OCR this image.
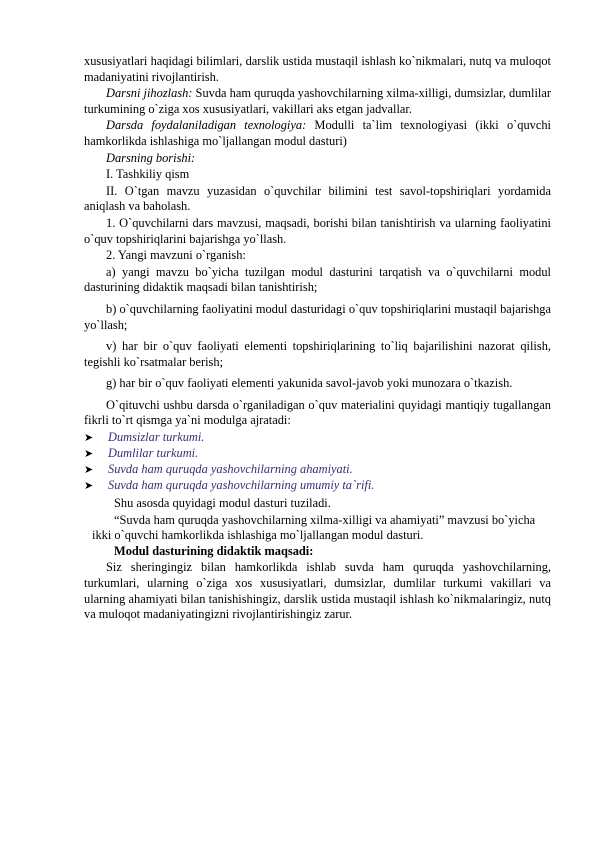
xususiyatlari haqidagi bilimlari, darslik ustida mustaqil ishlash ko`nikmalari, nutq va muloqot madaniyatini rivojlantirish.

Darsni jihozlash: Suvda ham quruqda yashovchilarning xilma-xilligi, dumsizlar, dumlilar turkumining o`ziga xos xususiyatlari, vakillari aks etgan jadvallar.

Darsda foydalaniladigan texnologiya: Modulli ta`lim texnologiyasi (ikki o`quvchi hamkorlikda ishlashiga mo`ljallangan modul dasturi)

Darsning borishi:

I. Tashkiliy qism

II. O`tgan mavzu yuzasidan o`quvchilar bilimini test savol-topshiriqlari yordamida aniqlash va baholash.

1. O`quvchilarni dars mavzusi, maqsadi, borishi bilan tanishtirish va ularning faoliyatini o`quv topshiriqlarini bajarishga yo`llash.

2. Yangi mavzuni o`rganish:

a) yangi mavzu bo`yicha tuzilgan modul dasturini tarqatish va o`quvchilarni modul dasturining didaktik maqsadi bilan tanishtirish;

b) o`quvchilarning faoliyatini modul dasturidagi o`quv topshiriqlarini mustaqil bajarishga yo`llash;

v) har bir o`quv faoliyati elementi topshiriqlarining to`liq bajarilishini nazorat qilish, tegishli ko`rsatmalar berish;

g) har bir o`quv faoliyati elementi yakunida savol-javob yoki munozara o`tkazish.

O`qituvchi ushbu darsda o`rganiladigan o`quv materialini quyidagi mantiqiy tugallangan fikrli to`rt qismga ya`ni modulga ajratadi:

➤	Dumsizlar turkumi.
➤	Dumlilar turkumi.
➤	Suvda ham quruqda yashovchilarning ahamiyati.
➤	Suvda ham quruqda yashovchilarning umumiy ta`rifi.

Shu asosda quyidagi modul dasturi tuziladi.

“Suvda ham quruqda yashovchilarning xilma-xilligi va ahamiyati” mavzusi bo`yicha ikki o`quvchi hamkorlikda ishlashiga mo`ljallangan modul dasturi.

Modul dasturining didaktik maqsadi:

Siz sheringingiz bilan hamkorlikda ishlab suvda ham quruqda yashovchilarning, turkumlari, ularning o`ziga xos xususiyatlari, dumsizlar, dumlilar turkumi vakillari va ularning ahamiyati bilan tanishishingiz, darslik ustida mustaqil ishlash ko`nikmalaringiz, nutq va muloqot madaniyatingizni rivojlantirishingiz zarur.
